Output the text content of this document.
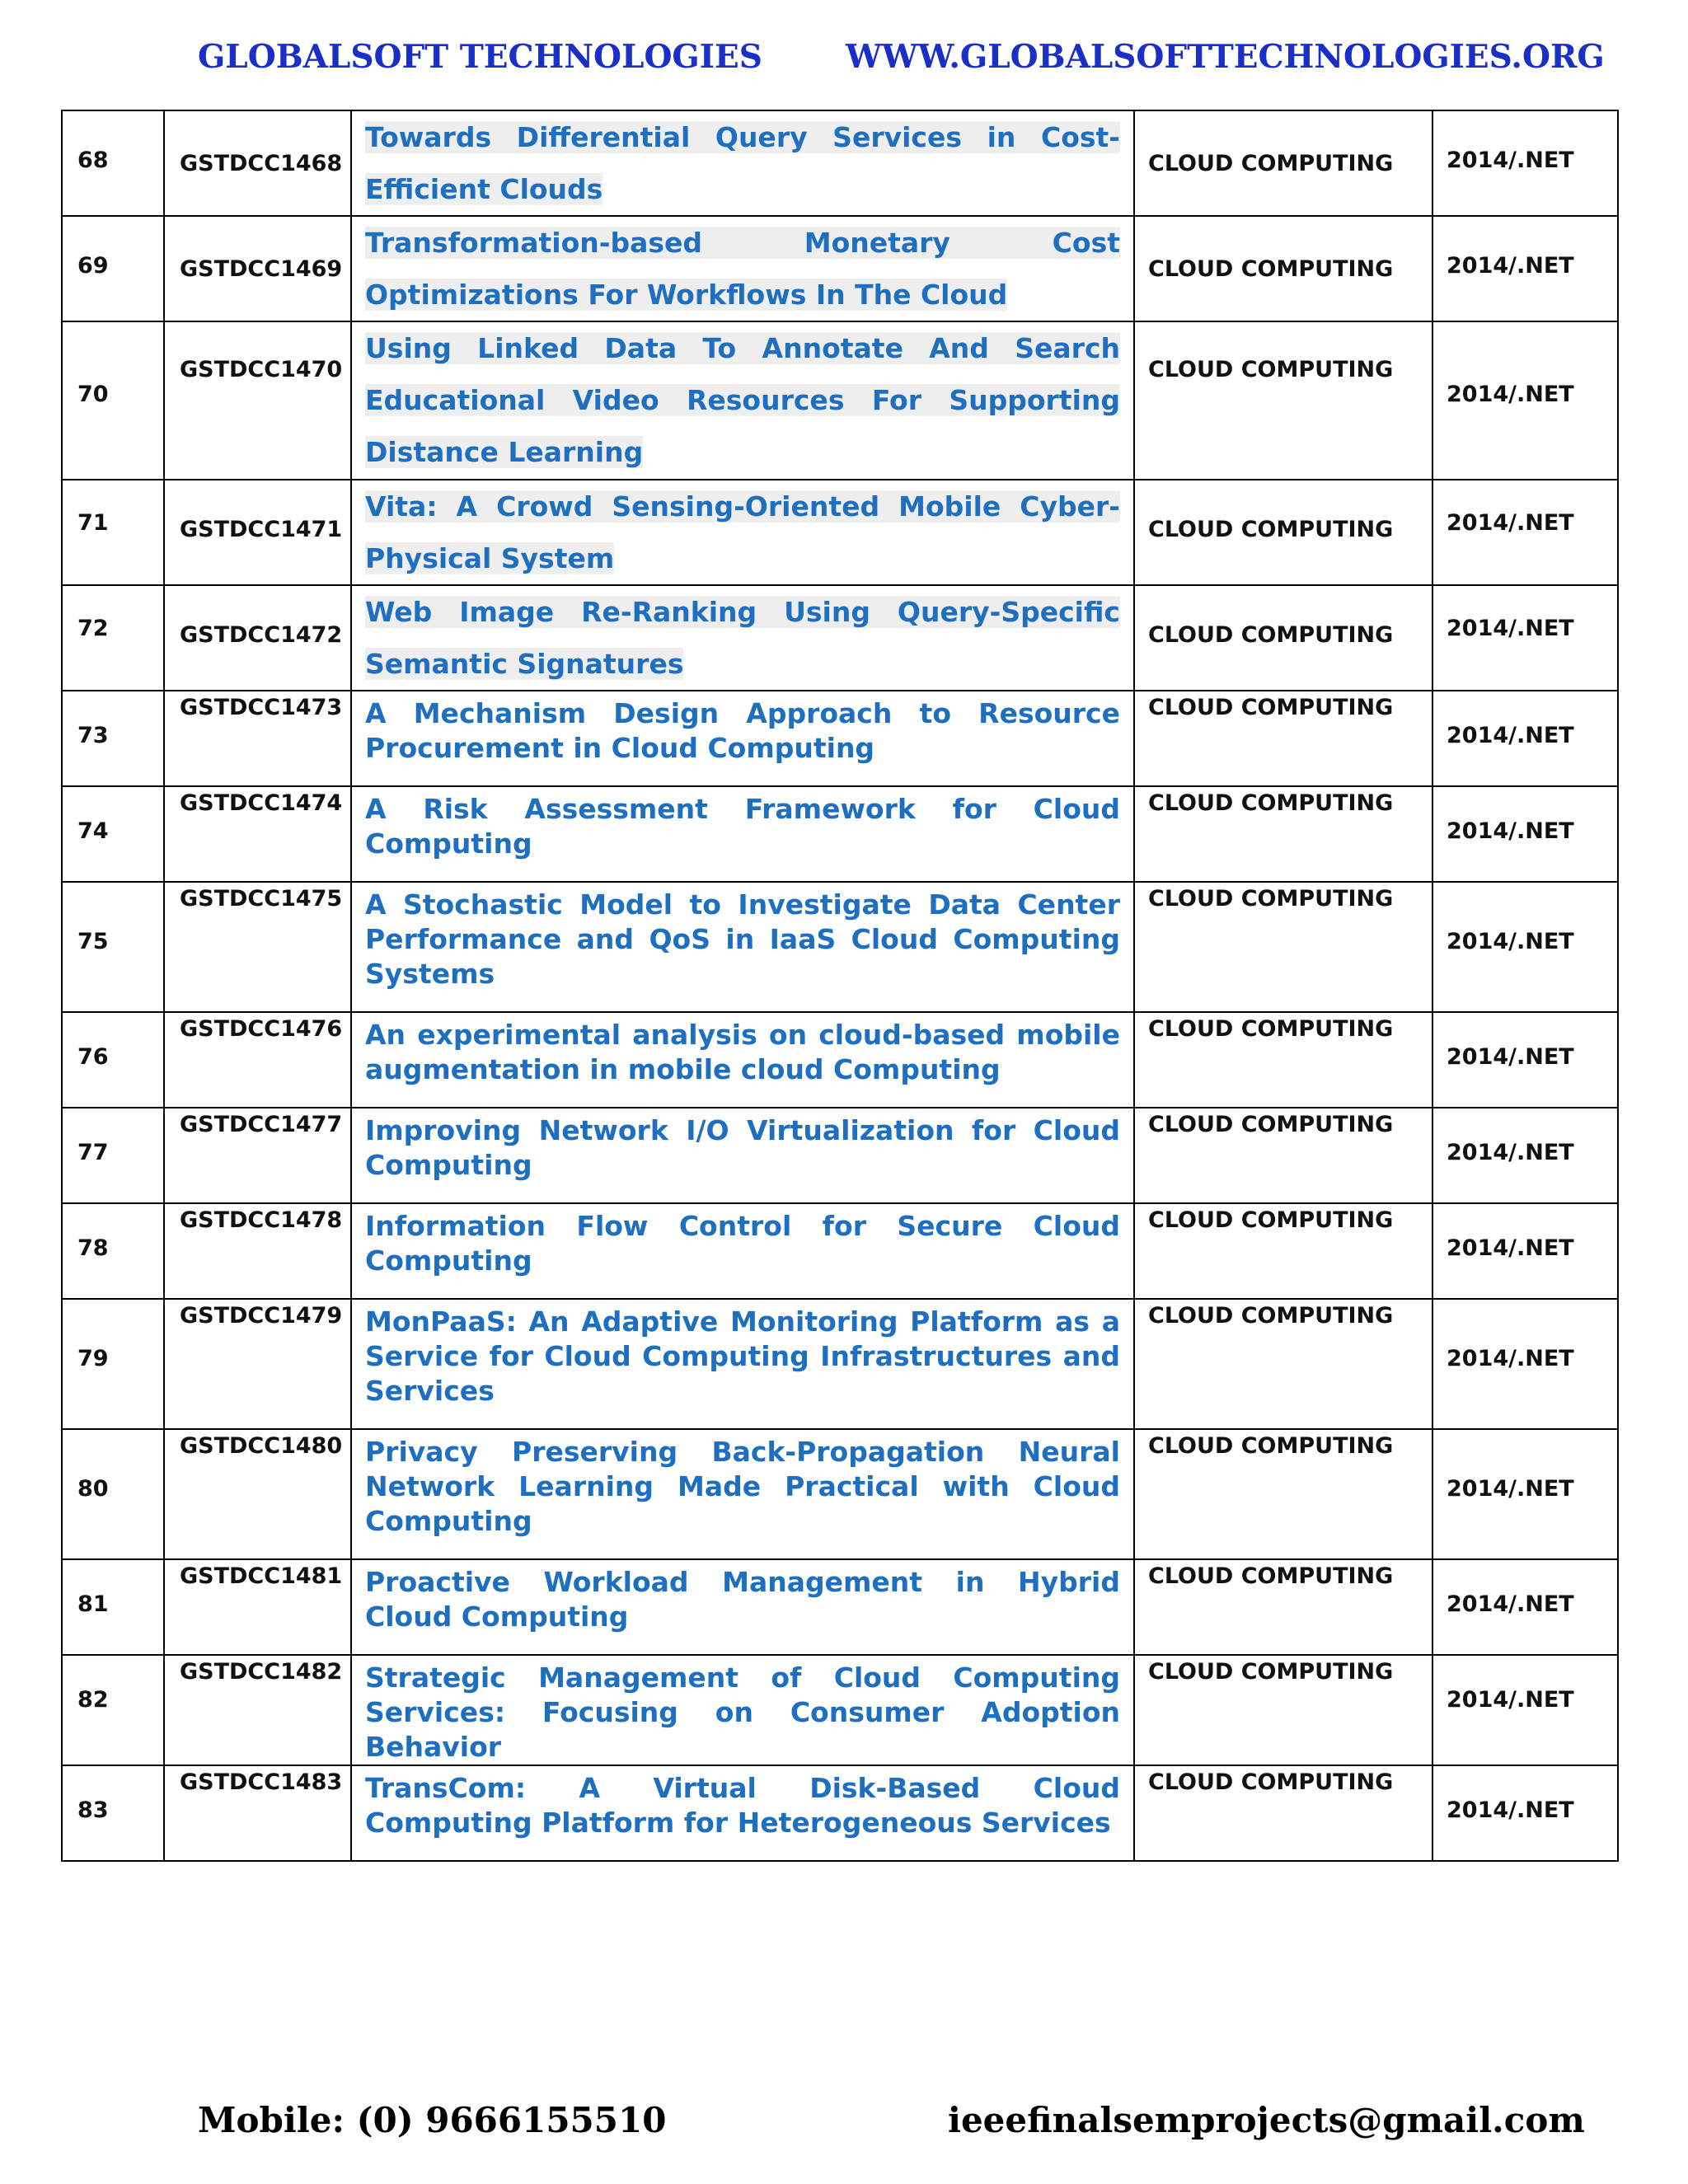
GLOBALSOFT TECHNOLOGIES	WWW.GLOBALSOFTTECHNOLOGIES.ORG
68	GSTDCC1468	Towards Differential Query Services in Cost-Efficient Clouds	CLOUD COMPUTING	2014/.NET
69	GSTDCC1469	Transformation-based Monetary Cost Optimizations For Workflows In The Cloud	CLOUD COMPUTING	2014/.NET
70	GSTDCC1470	Using Linked Data To Annotate And Search Educational Video Resources For Supporting Distance Learning	CLOUD COMPUTING	2014/.NET
71	GSTDCC1471	Vita: A Crowd Sensing-Oriented Mobile Cyber-Physical System	CLOUD COMPUTING	2014/.NET
72	GSTDCC1472	Web Image Re-Ranking Using Query-Specific Semantic Signatures	CLOUD COMPUTING	2014/.NET
73	GSTDCC1473	A Mechanism Design Approach to Resource Procurement in Cloud Computing	CLOUD COMPUTING	2014/.NET
74	GSTDCC1474	A Risk Assessment Framework for Cloud Computing	CLOUD COMPUTING	2014/.NET
75	GSTDCC1475	A Stochastic Model to Investigate Data Center Performance and QoS in IaaS Cloud Computing Systems	CLOUD COMPUTING	2014/.NET
76	GSTDCC1476	An experimental analysis on cloud-based mobile augmentation in mobile cloud Computing	CLOUD COMPUTING	2014/.NET
77	GSTDCC1477	Improving Network I/O Virtualization for Cloud Computing	CLOUD COMPUTING	2014/.NET
78	GSTDCC1478	Information Flow Control for Secure Cloud Computing	CLOUD COMPUTING	2014/.NET
79	GSTDCC1479	MonPaaS: An Adaptive Monitoring Platform as a Service for Cloud Computing Infrastructures and Services	CLOUD COMPUTING	2014/.NET
80	GSTDCC1480	Privacy Preserving Back-Propagation Neural Network Learning Made Practical with Cloud Computing	CLOUD COMPUTING	2014/.NET
81	GSTDCC1481	Proactive Workload Management in Hybrid Cloud Computing	CLOUD COMPUTING	2014/.NET
82	GSTDCC1482	Strategic Management of Cloud Computing Services: Focusing on Consumer Adoption Behavior	CLOUD COMPUTING	2014/.NET
83	GSTDCC1483	TransCom: A Virtual Disk-Based Cloud Computing Platform for Heterogeneous Services	CLOUD COMPUTING	2014/.NET
Mobile: (0) 9666155510	ieeefinalsemprojects@gmail.com
